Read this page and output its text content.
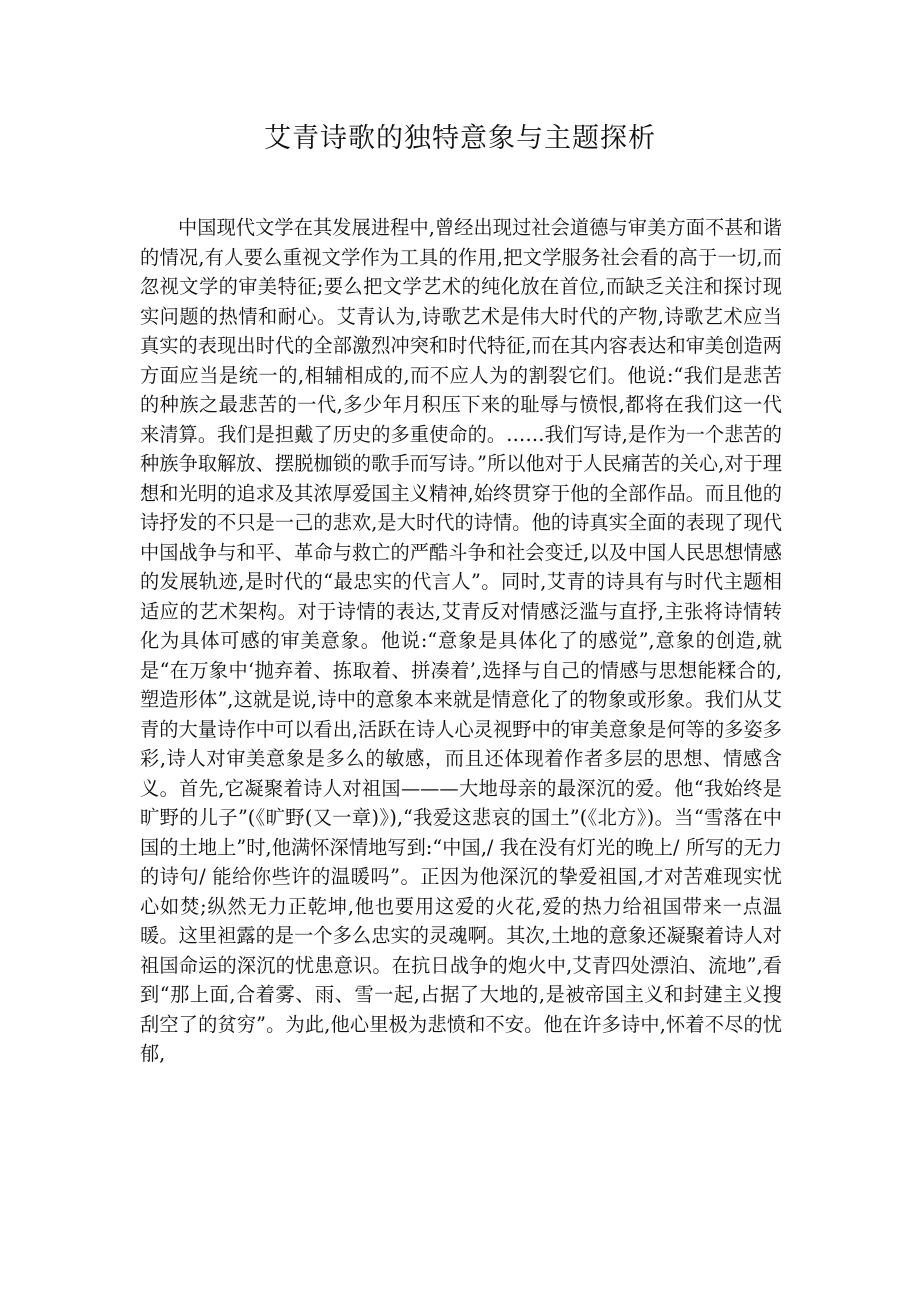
艾青诗歌的独特意象与主题探析

中国现代文学在其发展进程中,曾经出现过社会道德与审美方面不甚和谐的情况,有人要么重视文学作为工具的作用,把文学服务社会看的高于一切,而忽视文学的审美特征;要么把文学艺术的纯化放在首位,而缺乏关注和探讨现实问题的热情和耐心。艾青认为,诗歌艺术是伟大时代的产物,诗歌艺术应当真实的表现出时代的全部激烈冲突和时代特征,而在其内容表达和审美创造两方面应当是统一的,相辅相成的,而不应人为的割裂它们。他说:“我们是悲苦的种族之最悲苦的一代,多少年月积压下来的耻辱与愤恨,都将在我们这一代来清算。我们是担戴了历史的多重使命的。……我们写诗,是作为一个悲苦的种族争取解放、摆脱枷锁的歌手而写诗。”所以他对于人民痛苦的关心,对于理想和光明的追求及其浓厚爱国主义精神,始终贯穿于他的全部作品。而且他的诗抒发的不只是一己的悲欢,是大时代的诗情。他的诗真实全面的表现了现代中国战争与和平、革命与救亡的严酷斗争和社会变迁,以及中国人民思想情感的发展轨迹,是时代的“最忠实的代言人”。同时,艾青的诗具有与时代主题相适应的艺术架构。对于诗情的表达,艾青反对情感泛滥与直抒,主张将诗情转化为具体可感的审美意象。他说:“意象是具体化了的感觉”,意象的创造,就是“在万象中‘抛弃着、拣取着、拼凑着’,选择与自己的情感与思想能糅合的,塑造形体”,这就是说,诗中的意象本来就是情意化了的物象或形象。我们从艾青的大量诗作中可以看出,活跃在诗人心灵视野中的审美意象是何等的多姿多彩,诗人对审美意象是多么的敏感，而且还体现着作者多层的思想、情感含义。首先,它凝聚着诗人对祖国———大地母亲的最深沉的爱。他“我始终是旷野的儿子”(《旷野(又一章)》),“我爱这悲哀的国土”(《北方》)。当“雪落在中国的土地上”时,他满怀深情地写到:“中国,/ 我在没有灯光的晚上/ 所写的无力的诗句/ 能给你些许的温暖吗”。正因为他深沉的挚爱祖国,才对苦难现实忧心如焚;纵然无力正乾坤,他也要用这爱的火花,爱的热力给祖国带来一点温暖。这里袒露的是一个多么忠实的灵魂啊。其次,土地的意象还凝聚着诗人对祖国命运的深沉的忧患意识。在抗日战争的炮火中,艾青四处漂泊、流地”,看到“那上面,合着雾、雨、雪一起,占据了大地的,是被帝国主义和封建主义搜刮空了的贫穷”。为此,他心里极为悲愤和不安。他在许多诗中,怀着不尽的忧郁,
